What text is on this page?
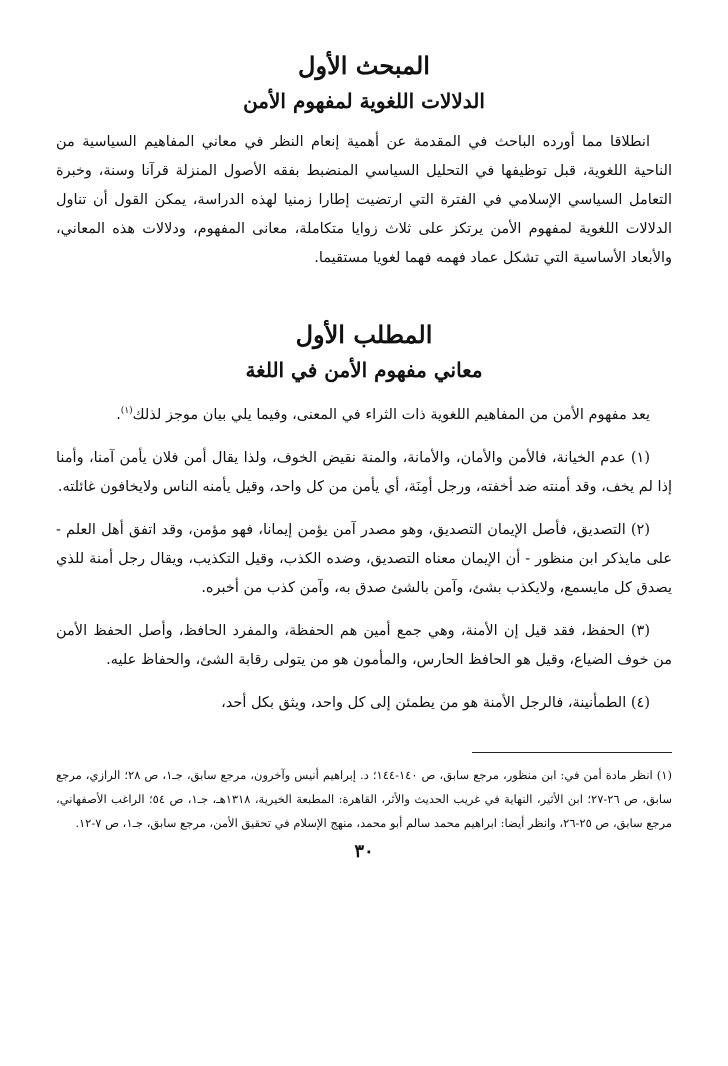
المبحث الأول
الدلالات اللغوية لمفهوم الأمن

انطلاقا مما أورده الباحث في المقدمة عن أهمية إنعام النظر في معاني المفاهيم السياسية من الناحية اللغوية، قبل توظيفها في التحليل السياسي المنضبط بفقه الأصول المنزلة قرآنا وسنة، وخبرة التعامل السياسي الإسلامي في الفترة التي ارتضيت إطارا زمنيا لهذه الدراسة، يمكن القول أن تناول الدلالات اللغوية لمفهوم الأمن يرتكز على ثلاث زوايا متكاملة، معانى المفهوم، ودلالات هذه المعاني، والأبعاد الأساسية التي تشكل عماد فهمه فهما لغويا مستقيما.

المطلب الأول
معاني مفهوم الأمن في اللغة

يعد مفهوم الأمن من المفاهيم اللغوية ذات الثراء في المعنى، وفيما يلي بيان موجز لذلك$^{(١)}$.

(١) عدم الخيانة، فالأمن والأمان، والأمانة، والمنة نقيض الخوف، ولذا يقال أمن فلان يأمن آمنا، وأمنا إذا لم يخف، وقد أمنته ضد أخفته، ورجل أمِنَة، أي يأمن من كل واحد، وقيل يأمنه الناس ولايخافون غائلته.

(٢) التصديق، فأصل الإيمان التصديق، وهو مصدر آمن يؤمن إيمانا، فهو مؤمن، وقد اتفق أهل العلم - على مايذكر ابن منظور - أن الإيمان معناه التصديق، وضده الكذب، وقيل التكذيب، ويقال رجل أمنة للذي يصدق كل مايسمع، ولايكذب بشئ، وآمن بالشئ صدق به، وآمن كذب من أخبره.

(٣) الحفظ، فقد قيل إن الأمنة، وهي جمع أمين هم الحفظة، والمفرد الحافظ، وأصل الحفظ الأمن من خوف الضياع، وقيل هو الحافظ الحارس، والمأمون هو من يتولى رقابة الشئ، والحفاظ عليه.

(٤) الطمأنينة، فالرجل الأمنة هو من يطمئن إلى كل واحد، ويثق بكل أحد،

(١) انظر مادة أمن في: ابن منظور، مرجع سابق، ص ١٤٠-١٤٤؛ د. إبراهيم أنيس وآخرون، مرجع سابق، جـ١، ص ٢٨؛ الرازي، مرجع سابق، ص ٢٦-٢٧؛ ابن الأثير، النهاية في غريب الحديث والأثر، القاهرة: المطبعة الخيرية، ١٣١٨هـ، جـ١، ص ٥٤؛ الراغب الأصفهاني، مرجع سابق، ص ٢٥-٢٦، وانظر أيضا: ابراهيم محمد سالم أبو محمد، منهج الإسلام في تحقيق الأمن، مرجع سابق، جـ١، ص ٧-١٢.

٣٠
